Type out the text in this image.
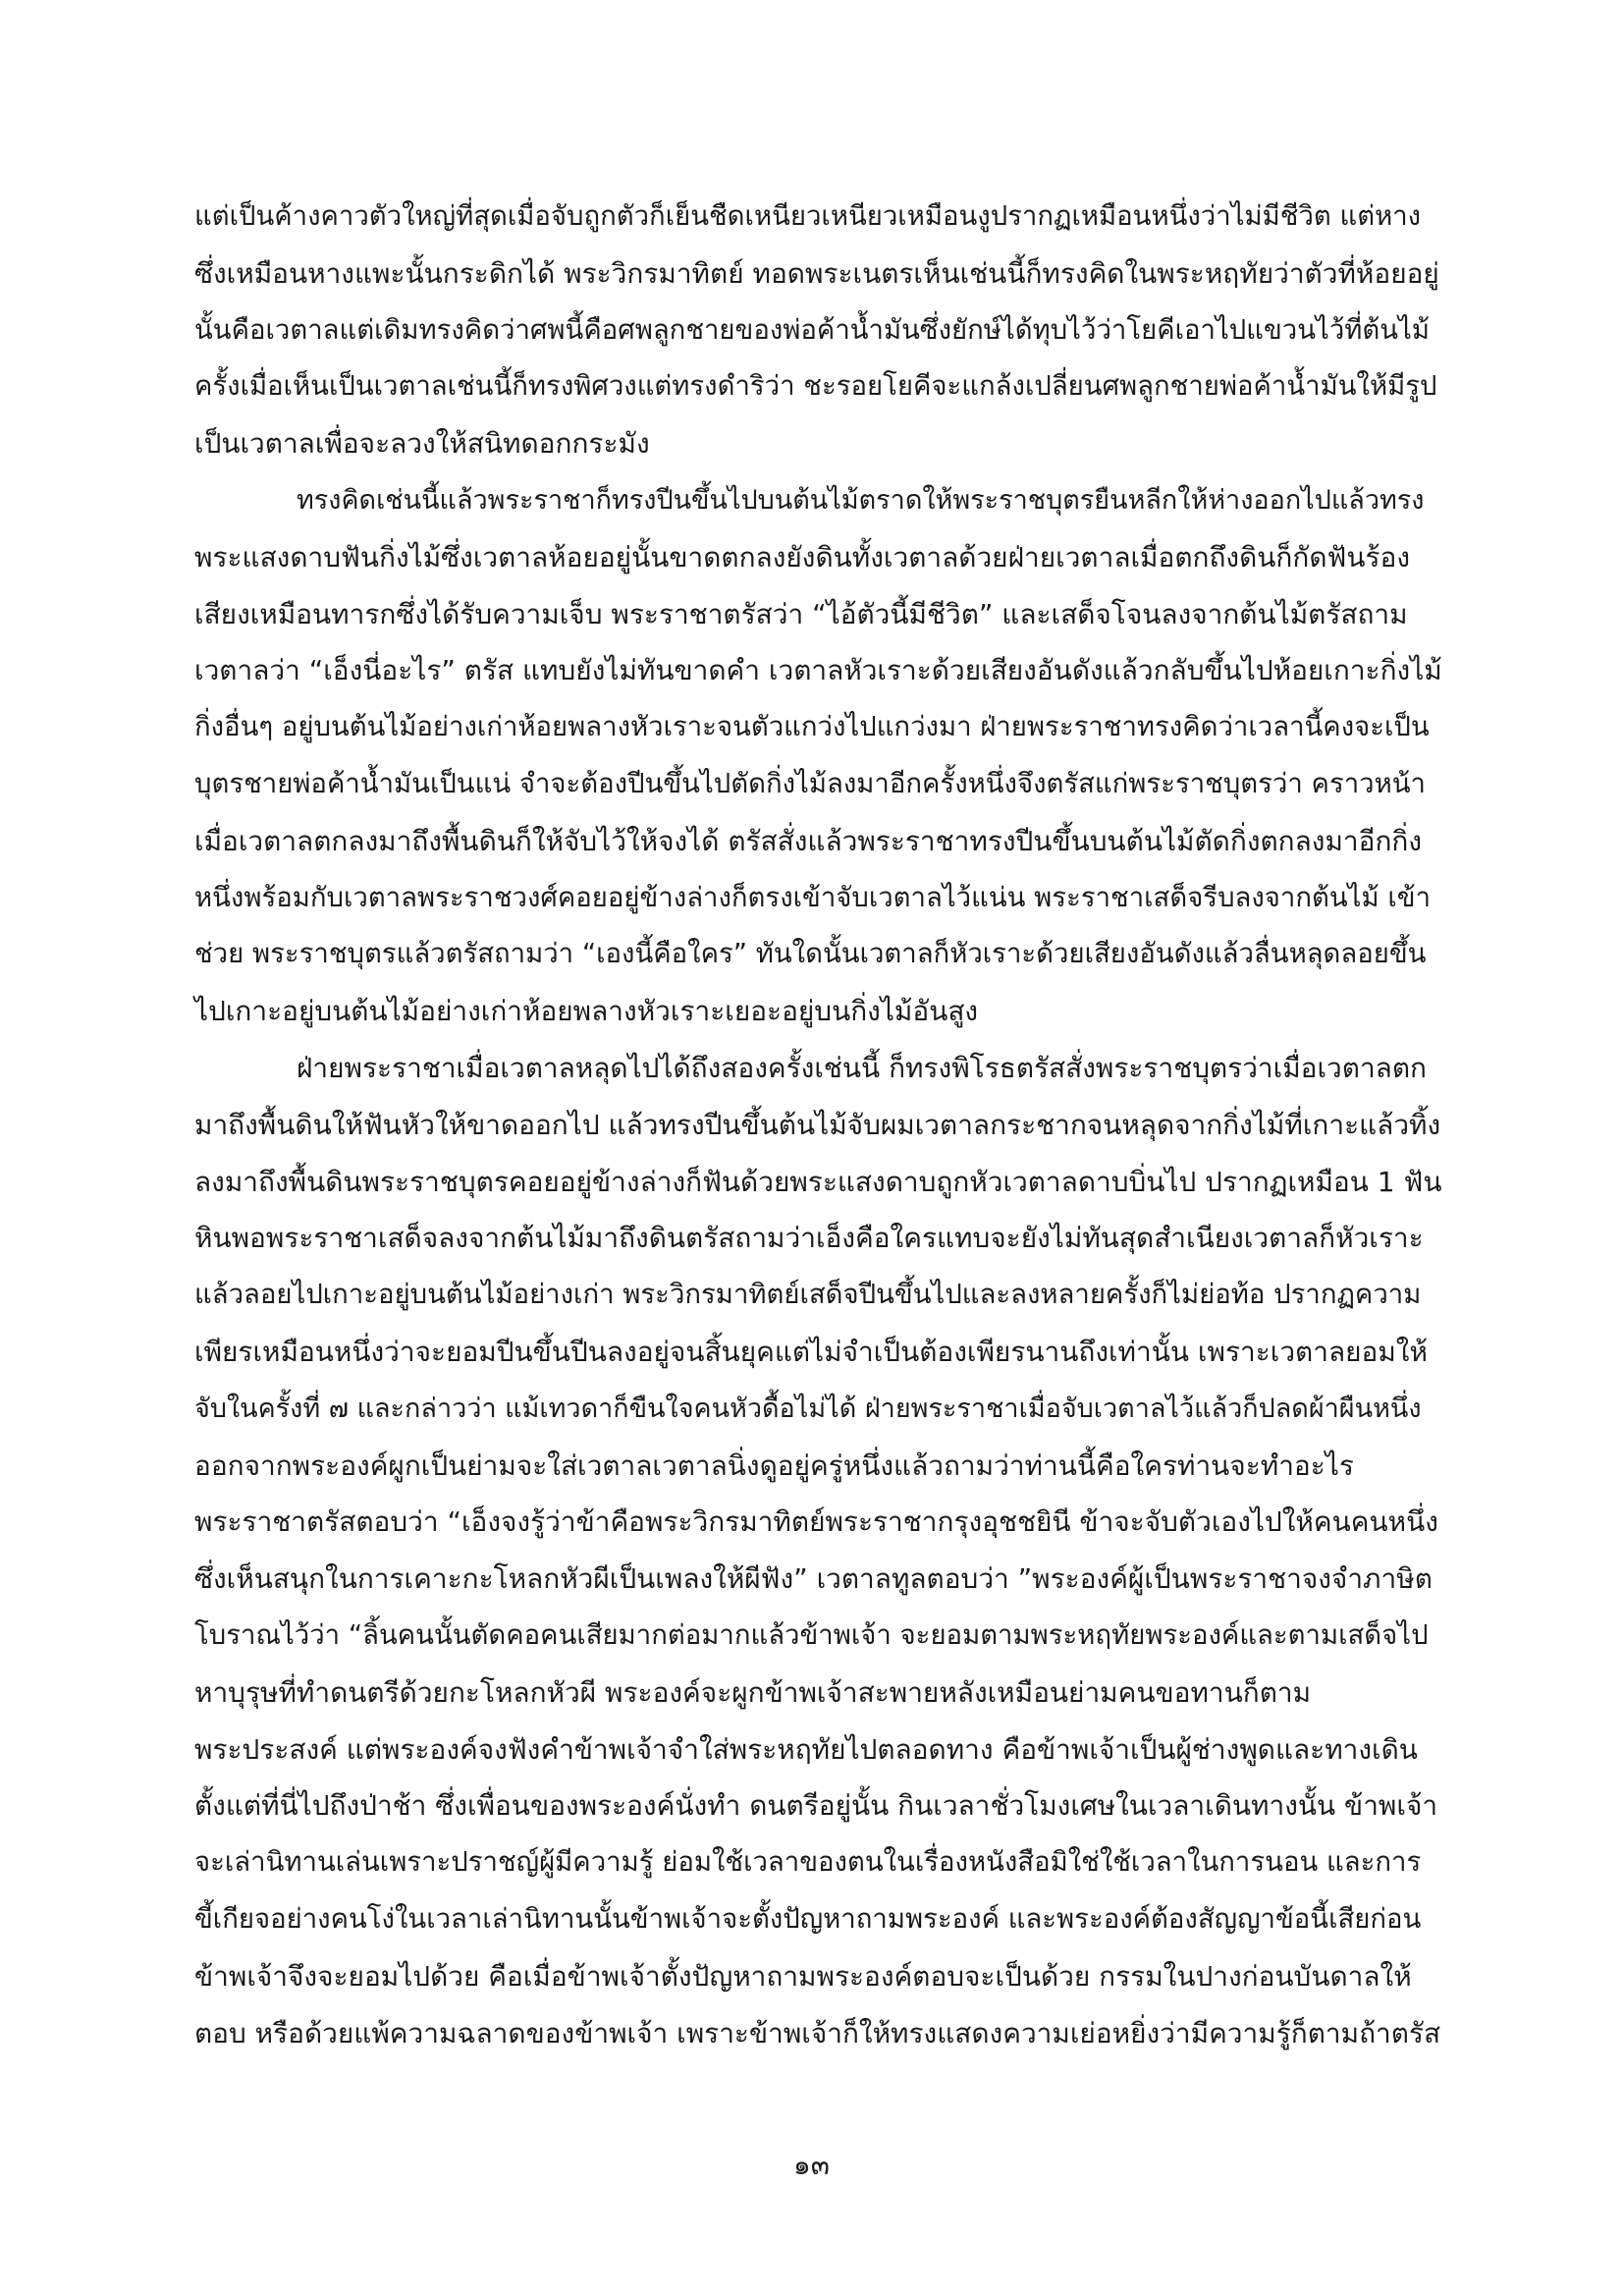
แต่เป็นค้างคาวตัวใหญ่ที่สุดเมื่อจับถูกตัวก็เย็นชืดเหนียวเหนียวเหมือนงูปรากฏเหมือนหนึ่งว่าไม่มีชีวิต แต่หาง
ซึ่งเหมือนหางแพะนั้นกระดิกได้ พระวิกรมาทิตย์ ทอดพระเนตรเห็นเช่นนี้ก็ทรงคิดในพระหฤทัยว่าตัวที่ห้อยอยู่
นั้นคือเวตาลแต่เดิมทรงคิดว่าศพนี้คือศพลูกชายของพ่อค้าน้ำมันซึ่งยักษ์ได้ทุบไว้ว่าโยคีเอาไปแขวนไว้ที่ต้นไม้
ครั้งเมื่อเห็นเป็นเวตาลเช่นนี้ก็ทรงพิศวงแต่ทรงดำริว่า ชะรอยโยคีจะแกล้งเปลี่ยนศพลูกชายพ่อค้าน้ำมันให้มีรูป
เป็นเวตาลเพื่อจะลวงให้สนิทดอกกระมัง
ทรงคิดเช่นนี้แล้วพระราชาก็ทรงปีนขึ้นไปบนต้นไม้ตราดให้พระราชบุตรยืนหลีกให้ห่างออกไปแล้วทรง
พระแสงดาบฟันกิ่งไม้ซึ่งเวตาลห้อยอยู่นั้นขาดตกลงยังดินทั้งเวตาลด้วยฝ่ายเวตาลเมื่อตกถึงดินก็กัดฟันร้อง
เสียงเหมือนทารกซึ่งได้รับความเจ็บ พระราชาตรัสว่า “ไอ้ตัวนี้มีชีวิต” และเสด็จโจนลงจากต้นไม้ตรัสถาม
เวตาลว่า “เอ็งนี่อะไร” ตรัส แทบยังไม่ทันขาดคำ เวตาลหัวเราะด้วยเสียงอันดังแล้วกลับขึ้นไปห้อยเกาะกิ่งไม้
กิ่งอื่นๆ อยู่บนต้นไม้อย่างเก่าห้อยพลางหัวเราะจนตัวแกว่งไปแกว่งมา ฝ่ายพระราชาทรงคิดว่าเวลานี้คงจะเป็น
บุตรชายพ่อค้าน้ำมันเป็นแน่ จำจะต้องปีนขึ้นไปตัดกิ่งไม้ลงมาอีกครั้งหนึ่งจึงตรัสแก่พระราชบุตรว่า คราวหน้า
เมื่อเวตาลตกลงมาถึงพื้นดินก็ให้จับไว้ให้จงได้ ตรัสสั่งแล้วพระราชาทรงปีนขึ้นบนต้นไม้ตัดกิ่งตกลงมาอีกกิ่ง
หนึ่งพร้อมกับเวตาลพระราชวงศ์คอยอยู่ข้างล่างก็ตรงเข้าจับเวตาลไว้แน่น พระราชาเสด็จรีบลงจากต้นไม้ เข้า
ช่วย พระราชบุตรแล้วตรัสถามว่า “เองนี้คือใคร” ทันใดนั้นเวตาลก็หัวเราะด้วยเสียงอันดังแล้วลื่นหลุดลอยขึ้น
ไปเกาะอยู่บนต้นไม้อย่างเก่าห้อยพลางหัวเราะเยอะอยู่บนกิ่งไม้อันสูง
ฝ่ายพระราชาเมื่อเวตาลหลุดไปได้ถึงสองครั้งเช่นนี้ ก็ทรงพิโรธตรัสสั่งพระราชบุตรว่าเมื่อเวตาลตก
มาถึงพื้นดินให้ฟันหัวให้ขาดออกไป แล้วทรงปีนขึ้นต้นไม้จับผมเวตาลกระชากจนหลุดจากกิ่งไม้ที่เกาะแล้วทิ้ง
ลงมาถึงพื้นดินพระราชบุตรคอยอยู่ข้างล่างก็ฟันด้วยพระแสงดาบถูกหัวเวตาลดาบบิ่นไป ปรากฏเหมือน 1 ฟัน
หินพอพระราชาเสด็จลงจากต้นไม้มาถึงดินตรัสถามว่าเอ็งคือใครแทบจะยังไม่ทันสุดสำเนียงเวตาลก็หัวเราะ
แล้วลอยไปเกาะอยู่บนต้นไม้อย่างเก่า พระวิกรมาทิตย์เสด็จปีนขึ้นไปและลงหลายครั้งก็ไม่ย่อท้อ ปรากฏความ
เพียรเหมือนหนึ่งว่าจะยอมปีนขึ้นปีนลงอยู่จนสิ้นยุคแต่ไม่จำเป็นต้องเพียรนานถึงเท่านั้น เพราะเวตาลยอมให้
จับในครั้งที่ ๗ และกล่าวว่า แม้เทวดาก็ขืนใจคนหัวดื้อไม่ได้ ฝ่ายพระราชาเมื่อจับเวตาลไว้แล้วก็ปลดผ้าผืนหนึ่ง
ออกจากพระองค์ผูกเป็นย่ามจะใส่เวตาลเวตาลนิ่งดูอยู่ครู่หนึ่งแล้วถามว่าท่านนี้คือใครท่านจะทำอะไร
พระราชาตรัสตอบว่า “เอ็งจงรู้ว่าข้าคือพระวิกรมาทิตย์พระราชากรุงอุชชยินี ข้าจะจับตัวเองไปให้คนคนหนึ่ง
ซึ่งเห็นสนุกในการเคาะกะโหลกหัวผีเป็นเพลงให้ผีฟัง” เวตาลทูลตอบว่า ”พระองค์ผู้เป็นพระราชาจงจำภาษิต
โบราณไว้ว่า “ลิ้นคนนั้นตัดคอคนเสียมากต่อมากแล้วข้าพเจ้า จะยอมตามพระหฤทัยพระองค์และตามเสด็จไป
หาบุรุษที่ทำดนตรีด้วยกะโหลกหัวผี พระองค์จะผูกข้าพเจ้าสะพายหลังเหมือนย่ามคนขอทานก็ตาม
พระประสงค์ แต่พระองค์จงฟังคำข้าพเจ้าจำใส่พระหฤทัยไปตลอดทาง คือข้าพเจ้าเป็นผู้ช่างพูดและทางเดิน
ตั้งแต่ที่นี่ไปถึงป่าช้า ซึ่งเพื่อนของพระองค์นั่งทำ ดนตรีอยู่นั้น กินเวลาชั่วโมงเศษในเวลาเดินทางนั้น ข้าพเจ้า
จะเล่านิทานเล่นเพราะปราชญ์ผู้มีความรู้ ย่อมใช้เวลาของตนในเรื่องหนังสือมิใช่ใช้เวลาในการนอน และการ
ขี้เกียจอย่างคนโง่ในเวลาเล่านิทานนั้นข้าพเจ้าจะตั้งปัญหาถามพระองค์ และพระองค์ต้องสัญญาข้อนี้เสียก่อน
ข้าพเจ้าจึงจะยอมไปด้วย คือเมื่อข้าพเจ้าตั้งปัญหาถามพระองค์ตอบจะเป็นด้วย กรรมในปางก่อนบันดาลให้
ตอบ หรือด้วยแพ้ความฉลาดของข้าพเจ้า เพราะข้าพเจ้าก็ให้ทรงแสดงความเย่อหยิ่งว่ามีความรู้ก็ตามถ้าตรัส
๑๓
